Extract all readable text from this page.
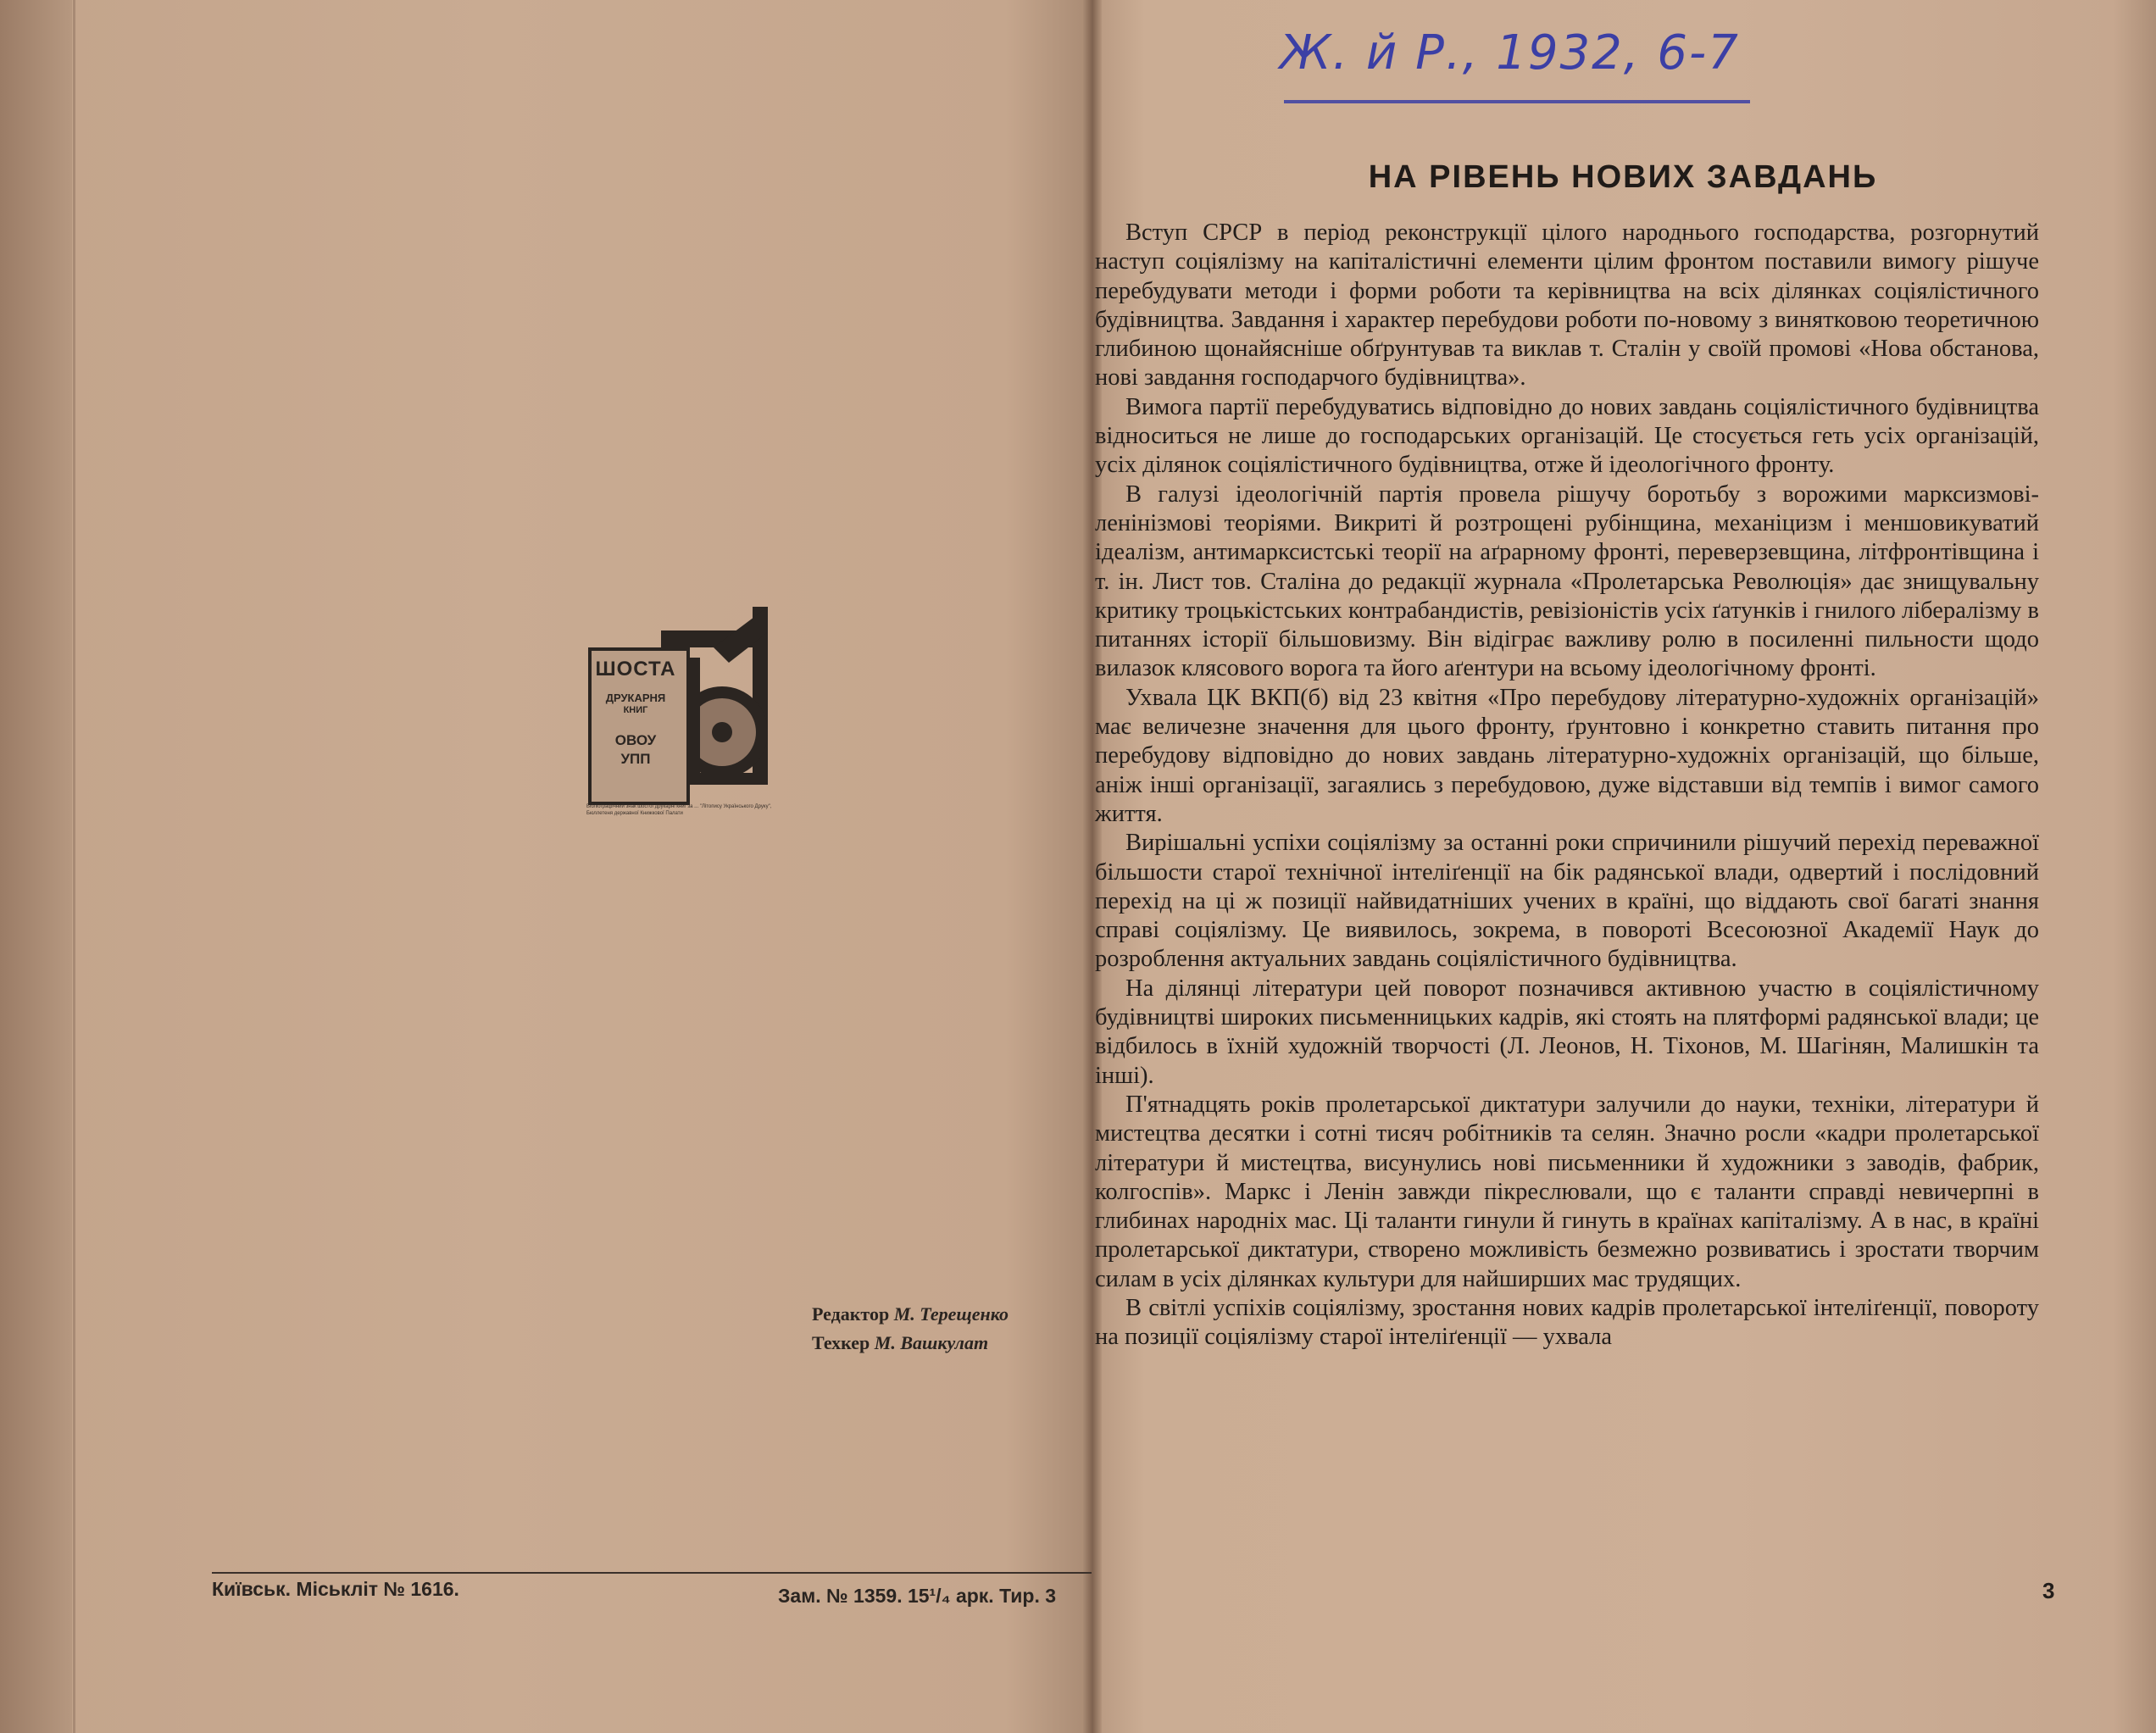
ШОСТА
ДРУКАРНЯ
КНИГ
ОВОУ
УПП
Бібліографічний знак шостої друкарні книг за ... "Літопису Українського Друку", Бюллетеня державної Книжкової Палати
Редактор М. Терещенко
Техкер М. Вашкулат
Київськ. Міськліт № 1616.	Зам. № 1359. 15¹/₄ арк. Тир. 3
Ж. й Р., 1932, 6-7
НА РІВЕНЬ НОВИХ ЗАВДАНЬ

Вступ СРСР в період реконструкції цілого народнього господарства, розгорнутий наступ соціялізму на капіталістичні елементи цілим фронтом поставили вимогу рішуче перебудувати методи і форми роботи та керівництва на всіх ділянках соціялістичного будівництва. Завдання і характер перебудови роботи по-новому з винятковою теоретичною глибиною щонайясніше обґрунтував та виклав т. Сталін у своїй промові «Нова обстанова, нові завдання господарчого будівництва».

Вимога партії перебудуватись відповідно до нових завдань соціялістичного будівництва відноситься не лише до господарських організацій. Це стосується геть усіх організацій, усіх ділянок соціялістичного будівництва, отже й ідеологічного фронту.

В галузі ідеологічній партія провела рішучу боротьбу з ворожими марксизмові-ленінізмові теоріями. Викриті й розтрощені рубінщина, механіцизм і меншовикуватий ідеалізм, антимарксистські теорії на аґрарному фронті, переверзевщина, літфронтівщина і т. ін. Лист тов. Сталіна до редакції журнала «Пролетарська Революція» дає знищувальну критику троцькістських контрабандистів, ревізіоністів усіх ґатунків і гнилого лібералізму в питаннях історії більшовизму. Він відіграє важливу ролю в посиленні пильности щодо вилазок клясового ворога та його аґентури на всьому ідеологічному фронті.

Ухвала ЦК ВКП(б) від 23 квітня «Про перебудову літературно-художніх організацій» має величезне значення для цього фронту, ґрунтовно і конкретно ставить питання про перебудову відповідно до нових завдань літературно-художніх організацій, що більше, аніж інші організації, загаялись з перебудовою, дуже відставши від темпів і вимог самого життя.

Вирішальні успіхи соціялізму за останні роки спричинили рішучий перехід переважної більшости старої технічної інтеліґенції на бік радянської влади, одвертий і послідовний перехід на ці ж позиції найвидатніших учених в країні, що віддають свої багаті знання справі соціялізму. Це виявилось, зокрема, в повороті Всесоюзної Академії Наук до розроблення актуальних завдань соціялістичного будівництва.

На ділянці літератури цей поворот позначився активною участю в соціялістичному будівництві широких письменницьких кадрів, які стоять на плятформі радянської влади; це відбилось в їхній художній творчості (Л. Леонов, Н. Тіхонов, М. Шагінян, Малишкін та інші).

П'ятнадцять років пролетарської диктатури залучили до науки, техніки, літератури й мистецтва десятки і сотні тисяч робітників та селян. Значно росли «кадри пролетарської літератури й мистецтва, висунулись нові письменники й художники з заводів, фабрик, колгоспів». Маркс і Ленін завжди пікреслювали, що є таланти справді невичерпні в глибинах народніх мас. Ці таланти гинули й гинуть в країнах капіталізму. А в нас, в країні пролетарської диктатури, створено можливість безмежно розвиватись і зростати творчим силам в усіх ділянках культури для найширших мас трудящих.

В світлі успіхів соціялізму, зростання нових кадрів пролетарської інтеліґенції, повороту на позиції соціялізму старої інтеліґенції — ухвала

3
